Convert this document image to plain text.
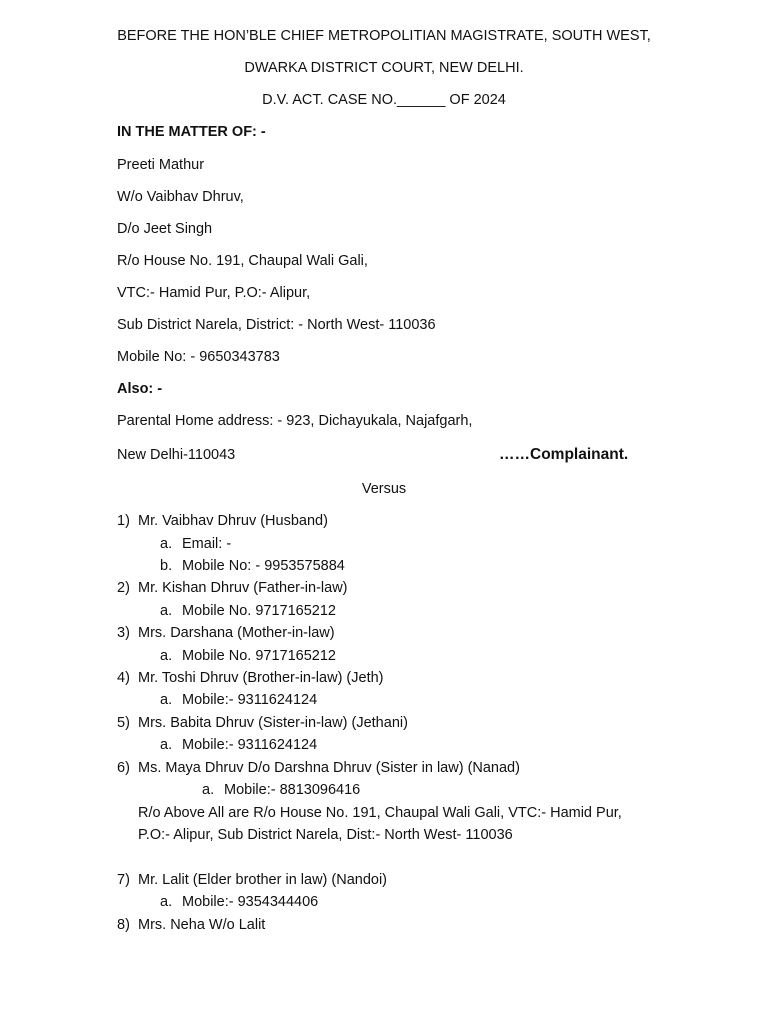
BEFORE THE HON’BLE CHIEF METROPOLITIAN MAGISTRATE, SOUTH WEST,
DWARKA DISTRICT COURT, NEW DELHI.
D.V. ACT. CASE NO.______ OF 2024
IN THE MATTER OF: -
Preeti Mathur
W/o Vaibhav Dhruv,
D/o Jeet Singh
R/o House No. 191, Chaupal Wali Gali,
VTC:- Hamid Pur, P.O:- Alipur,
Sub District Narela, District: - North West- 110036
Mobile No: - 9650343783
Also: -
Parental Home address: - 923, Dichayukala, Najafgarh,
New Delhi-110043	……Complainant.
Versus
1) Mr. Vaibhav Dhruv (Husband)
a. Email: -
b. Mobile No: - 9953575884
2) Mr. Kishan Dhruv (Father-in-law)
a. Mobile No. 9717165212
3) Mrs. Darshana (Mother-in-law)
a. Mobile No. 9717165212
4) Mr. Toshi Dhruv (Brother-in-law) (Jeth)
a. Mobile:- 9311624124
5) Mrs. Babita Dhruv (Sister-in-law) (Jethani)
a. Mobile:- 9311624124
6) Ms. Maya Dhruv D/o Darshna Dhruv (Sister in law) (Nanad)
a. Mobile:- 8813096416
R/o Above All are R/o House No. 191, Chaupal Wali Gali, VTC:- Hamid Pur,
P.O:- Alipur, Sub District Narela, Dist:- North West- 110036
7) Mr. Lalit (Elder brother in law) (Nandoi)
a. Mobile:- 9354344406
8) Mrs. Neha W/o Lalit
